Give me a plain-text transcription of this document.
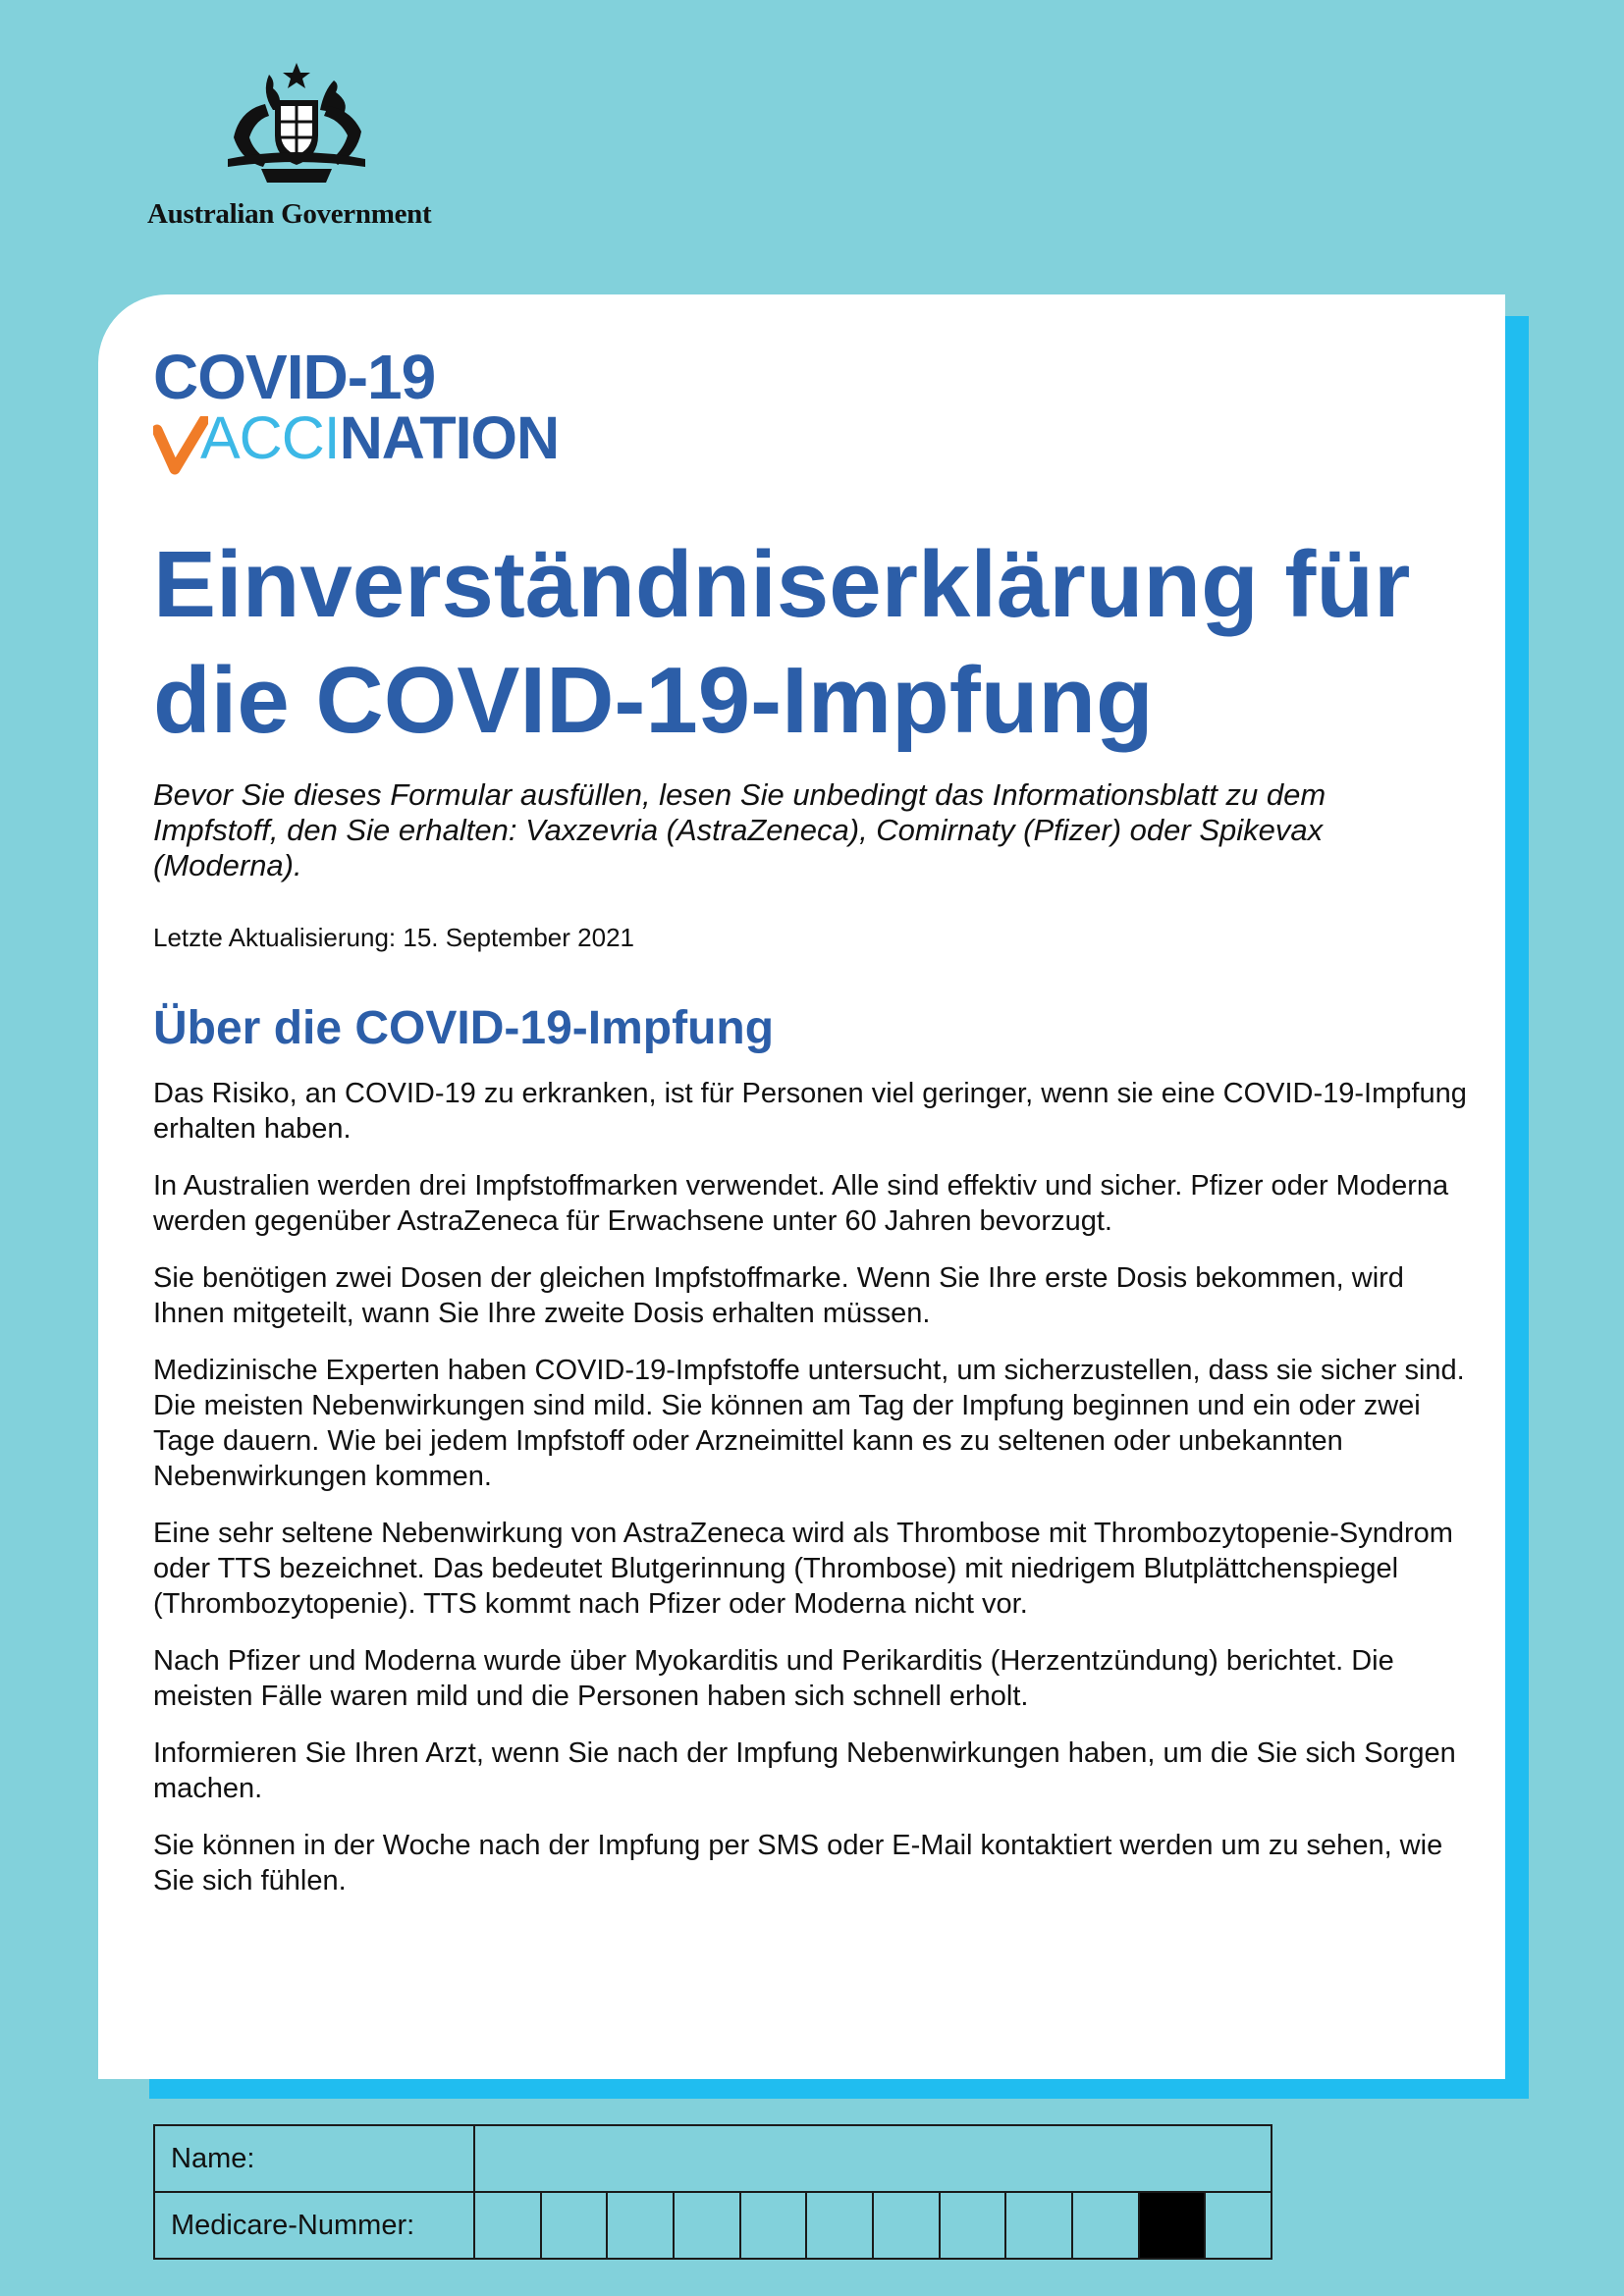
Australian Government
COVID-19
ACCINATION
Einverständniserklärung für die COVID-19-Impfung

Bevor Sie dieses Formular ausfüllen, lesen Sie unbedingt das Informationsblatt zu dem Impfstoff, den Sie erhalten: Vaxzevria (AstraZeneca), Comirnaty (Pfizer) oder Spikevax (Moderna).

Letzte Aktualisierung: 15. September 2021

Über die COVID-19-Impfung

Das Risiko, an COVID-19 zu erkranken, ist für Personen viel geringer, wenn sie eine COVID-19-Impfung erhalten haben.

In Australien werden drei Impfstoffmarken verwendet. Alle sind effektiv und sicher. Pfizer oder Moderna werden gegenüber AstraZeneca für Erwachsene unter 60 Jahren bevorzugt.

Sie benötigen zwei Dosen der gleichen Impfstoffmarke. Wenn Sie Ihre erste Dosis bekommen, wird Ihnen mitgeteilt, wann Sie Ihre zweite Dosis erhalten müssen.

Medizinische Experten haben COVID-19-Impfstoffe untersucht, um sicherzustellen, dass sie sicher sind. Die meisten Nebenwirkungen sind mild. Sie können am Tag der Impfung beginnen und ein oder zwei Tage dauern. Wie bei jedem Impfstoff oder Arzneimittel kann es zu seltenen oder unbekannten Nebenwirkungen kommen.

Eine sehr seltene Nebenwirkung von AstraZeneca wird als Thrombose mit Thrombozytopenie-Syndrom oder TTS bezeichnet. Das bedeutet Blutgerinnung (Thrombose) mit niedrigem Blutplättchenspiegel (Thrombozytopenie). TTS kommt nach Pfizer oder Moderna nicht vor.

Nach Pfizer und Moderna wurde über Myokarditis und Perikarditis (Herzentzündung) berichtet. Die meisten Fälle waren mild und die Personen haben sich schnell erholt.

Informieren Sie Ihren Arzt, wenn Sie nach der Impfung Nebenwirkungen haben, um die Sie sich Sorgen machen.

Sie können in der Woche nach der Impfung per SMS oder E-Mail kontaktiert werden um zu sehen, wie Sie sich fühlen.

Name:												
Medicare-Nummer:												
